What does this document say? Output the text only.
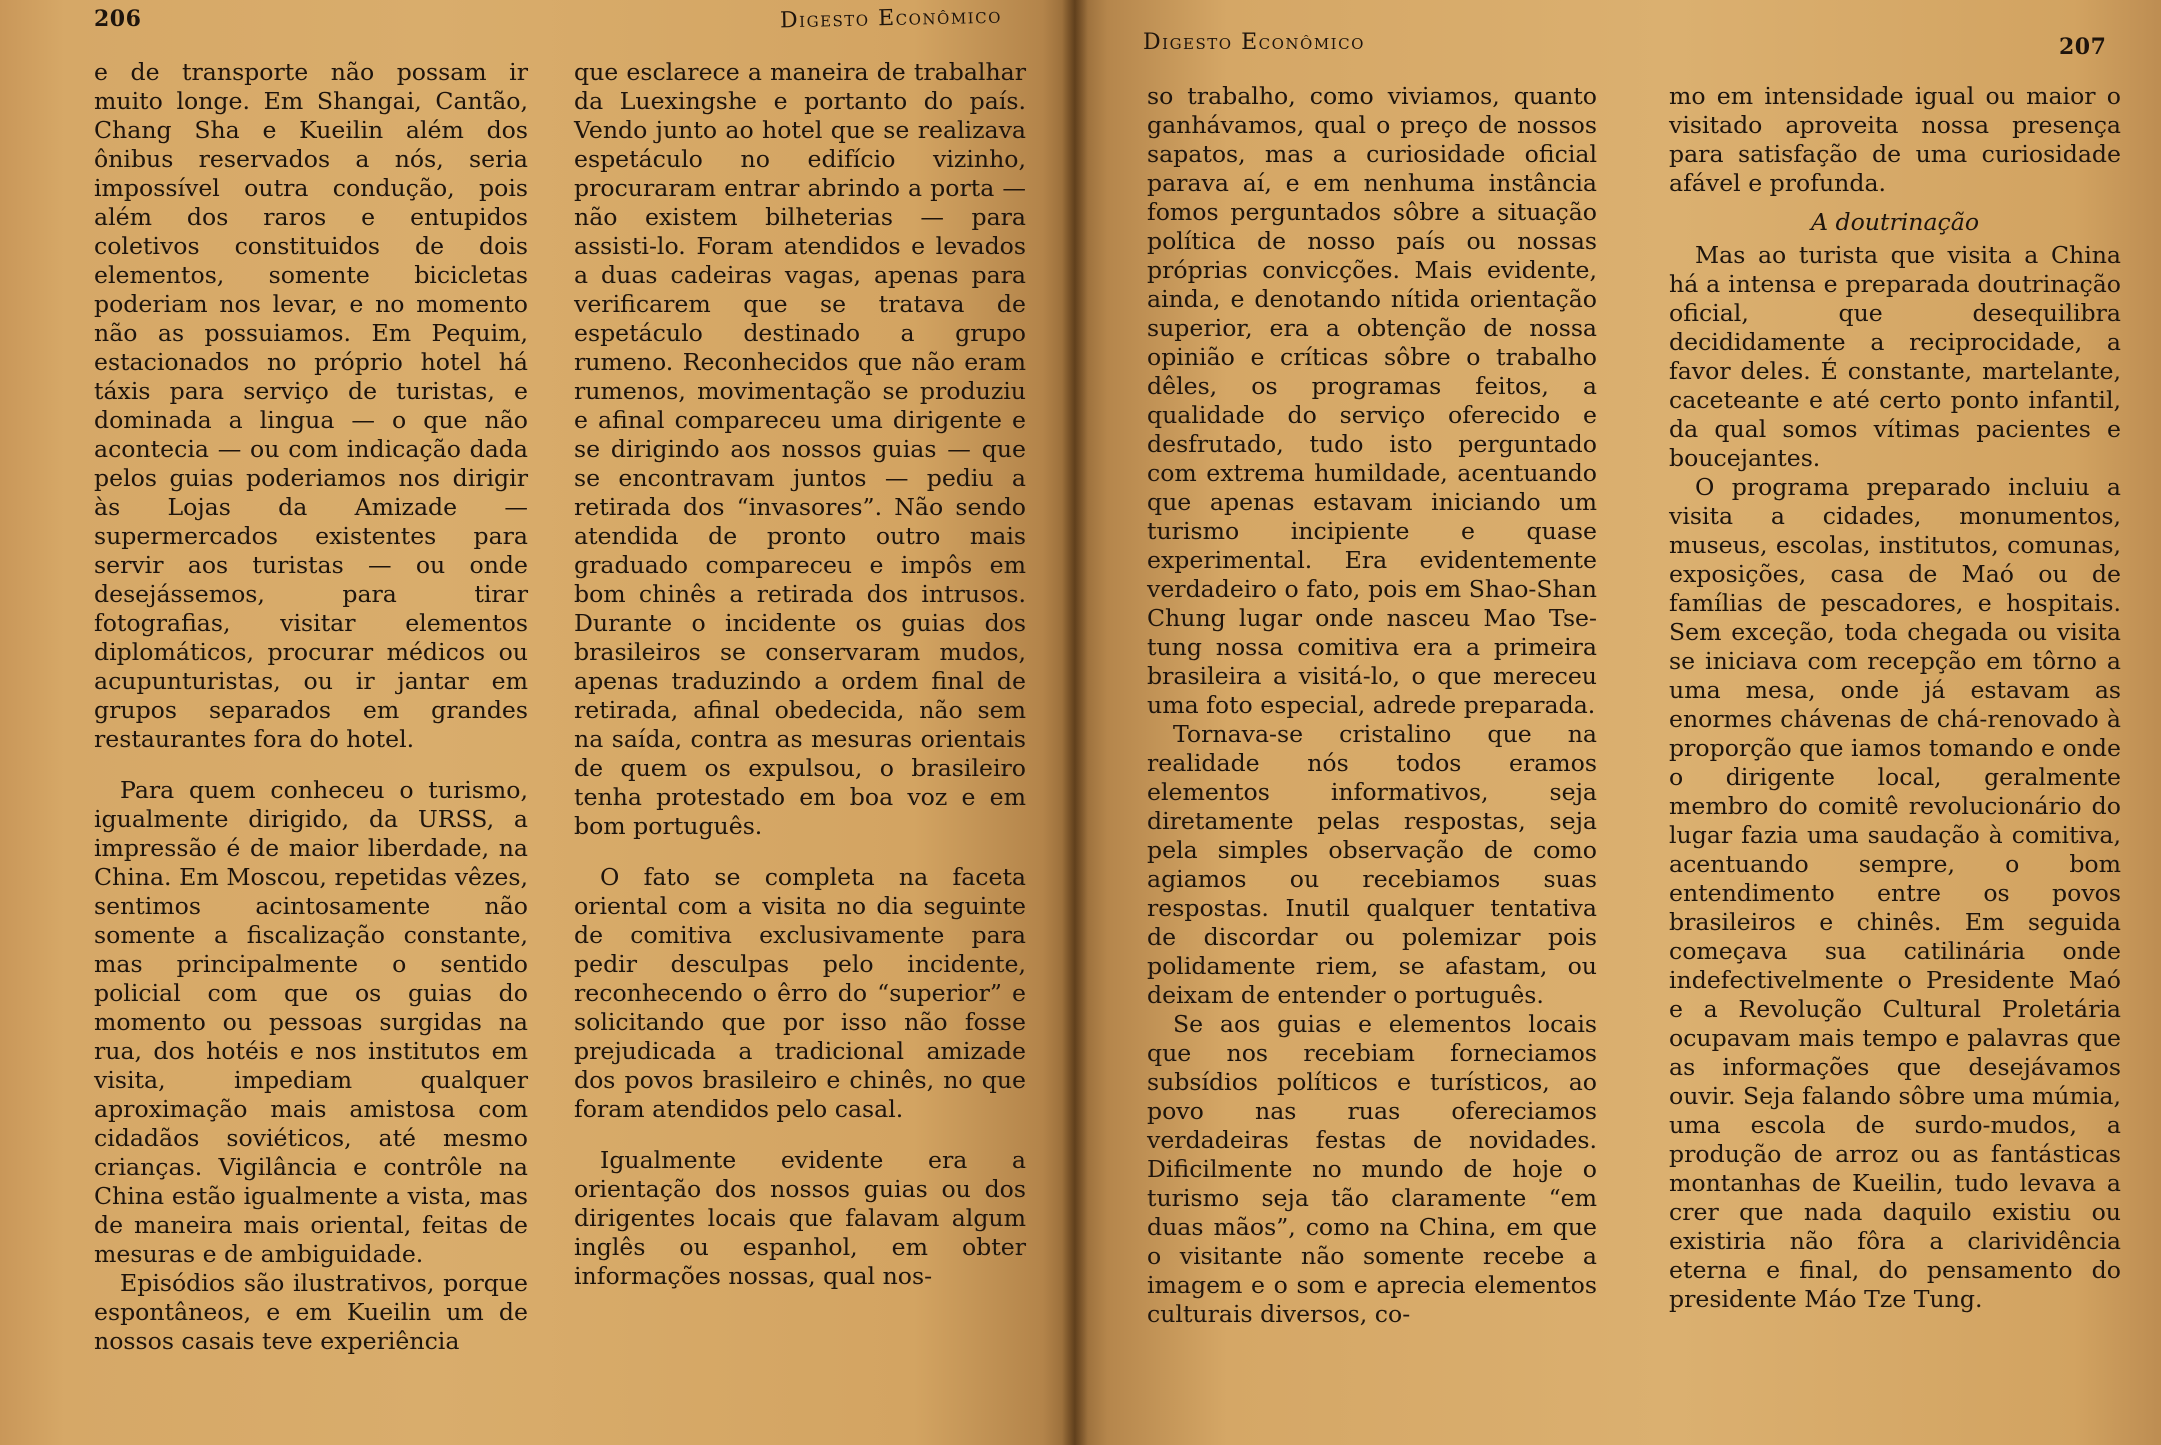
206	Digesto Econômico

e de transporte não possam ir muito longe. Em Shangai, Cantão, Chang Sha e Kueilin além dos ônibus reservados a nós, seria impossível outra condução, pois além dos raros e entupidos coletivos constituidos de dois elementos, somente bicicletas poderiam nos levar, e no momento não as possuiamos. Em Pequim, estacionados no próprio hotel há táxis para serviço de turistas, e dominada a lingua — o que não acontecia — ou com indicação dada pelos guias poderiamos nos dirigir às Lojas da Amizade — supermercados existentes para servir aos turistas — ou onde desejássemos, para tirar fotografias, visitar elementos diplomáticos, procurar médicos ou acupunturistas, ou ir jantar em grupos separados em grandes restaurantes fora do hotel.

Para quem conheceu o turismo, igualmente dirigido, da URSS, a impressão é de maior liberdade, na China. Em Moscou, repetidas vêzes, sentimos acintosamente não somente a fiscalização constante, mas principalmente o sentido policial com que os guias do momento ou pessoas surgidas na rua, dos hotéis e nos institutos em visita, impediam qualquer aproximação mais amistosa com cidadãos soviéticos, até mesmo crianças. Vigilância e contrôle na China estão igualmente a vista, mas de maneira mais oriental, feitas de mesuras e de ambiguidade.

Episódios são ilustrativos, porque espontâneos, e em Kueilin um de nossos casais teve experiência

que esclarece a maneira de trabalhar da Luexingshe e portanto do país. Vendo junto ao hotel que se realizava espetáculo no edifício vizinho, procuraram entrar abrindo a porta — não existem bilheterias — para assisti-lo. Foram atendidos e levados a duas cadeiras vagas, apenas para verificarem que se tratava de espetáculo destinado a grupo rumeno. Reconhecidos que não eram rumenos, movimentação se produziu e afinal compareceu uma dirigente e se dirigindo aos nossos guias — que se encontravam juntos — pediu a retirada dos “invasores”. Não sendo atendida de pronto outro mais graduado compareceu e impôs em bom chinês a retirada dos intrusos. Durante o incidente os guias dos brasileiros se conservaram mudos, apenas traduzindo a ordem final de retirada, afinal obedecida, não sem na saída, contra as mesuras orientais de quem os expulsou, o brasileiro tenha protestado em boa voz e em bom português.

O fato se completa na faceta oriental com a visita no dia seguinte de comitiva exclusivamente para pedir desculpas pelo incidente, reconhecendo o êrro do “superior” e solicitando que por isso não fosse prejudicada a tradicional amizade dos povos brasileiro e chinês, no que foram atendidos pelo casal.

Igualmente evidente era a orientação dos nossos guias ou dos dirigentes locais que falavam algum inglês ou espanhol, em obter informações nossas, qual nos-

Digesto Econômico	207

so trabalho, como viviamos, quanto ganhávamos, qual o preço de nossos sapatos, mas a curiosidade oficial parava aí, e em nenhuma instância fomos perguntados sôbre a situação política de nosso país ou nossas próprias convicções. Mais evidente, ainda, e denotando nítida orientação superior, era a obtenção de nossa opinião e críticas sôbre o trabalho dêles, os programas feitos, a qualidade do serviço oferecido e desfrutado, tudo isto perguntado com extrema humildade, acentuando que apenas estavam iniciando um turismo incipiente e quase experimental. Era evidentemente verdadeiro o fato, pois em Shao-Shan Chung lugar onde nasceu Mao Tse-tung nossa comitiva era a primeira brasileira a visitá-lo, o que mereceu uma foto especial, adrede preparada.

Tornava-se cristalino que na realidade nós todos eramos elementos informativos, seja diretamente pelas respostas, seja pela simples observação de como agiamos ou recebiamos suas respostas. Inutil qualquer tentativa de discordar ou polemizar pois polidamente riem, se afastam, ou deixam de entender o português.

Se aos guias e elementos locais que nos recebiam forneciamos subsídios políticos e turísticos, ao povo nas ruas ofereciamos verdadeiras festas de novidades. Dificilmente no mundo de hoje o turismo seja tão claramente “em duas mãos”, como na China, em que o visitante não somente recebe a imagem e o som e aprecia elementos culturais diversos, co-

mo em intensidade igual ou maior o visitado aproveita nossa presença para satisfação de uma curiosidade afável e profunda.

A doutrinação

Mas ao turista que visita a China há a intensa e preparada doutrinação oficial, que desequilibra decididamente a reciprocidade, a favor deles. É constante, martelante, caceteante e até certo ponto infantil, da qual somos vítimas pacientes e boucejantes.

O programa preparado incluiu a visita a cidades, monumentos, museus, escolas, institutos, comunas, exposições, casa de Maó ou de famílias de pescadores, e hospitais. Sem exceção, toda chegada ou visita se iniciava com recepção em tôrno a uma mesa, onde já estavam as enormes chávenas de chá-renovado à proporção que iamos tomando e onde o dirigente local, geralmente membro do comitê revolucionário do lugar fazia uma saudação à comitiva, acentuando sempre, o bom entendimento entre os povos brasileiros e chinês. Em seguida começava sua catilinária onde indefectivelmente o Presidente Maó e a Revolução Cultural Proletária ocupavam mais tempo e palavras que as informações que desejávamos ouvir. Seja falando sôbre uma múmia, uma escola de surdo-mudos, a produção de arroz ou as fantásticas montanhas de Kueilin, tudo levava a crer que nada daquilo existiu ou existiria não fôra a clarividência eterna e final, do pensamento do presidente Máo Tze Tung.
